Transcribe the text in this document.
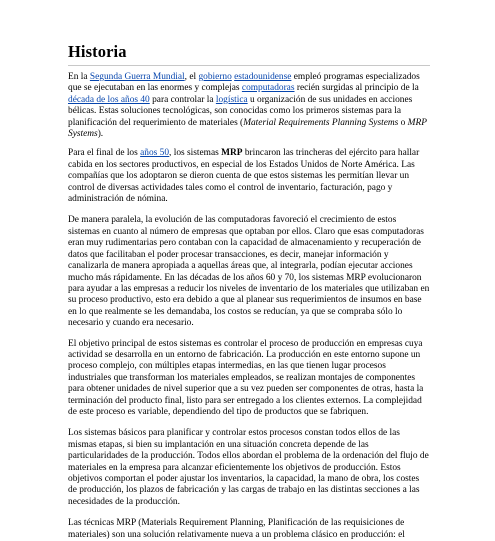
Historia

En la Segunda Guerra Mundial, el gobierno estadounidense empleó programas especializados que se ejecutaban en las enormes y complejas computadoras recién surgidas al principio de la década de los años 40 para controlar la logística u organización de sus unidades en acciones bélicas. Estas soluciones tecnológicas, son conocidas como los primeros sistemas para la planificación del requerimiento de materiales (Material Requirements Planning Systems o MRP Systems).

Para el final de los años 50, los sistemas MRP brincaron las trincheras del ejército para hallar cabida en los sectores productivos, en especial de los Estados Unidos de Norte América. Las compañías que los adoptaron se dieron cuenta de que estos sistemas les permitían llevar un control de diversas actividades tales como el control de inventario, facturación, pago y administración de nómina.

De manera paralela, la evolución de las computadoras favoreció el crecimiento de estos sistemas en cuanto al número de empresas que optaban por ellos. Claro que esas computadoras eran muy rudimentarias pero contaban con la capacidad de almacenamiento y recuperación de datos que facilitaban el poder procesar transacciones, es decir, manejar información y canalizarla de manera apropiada a aquellas áreas que, al integrarla, podían ejecutar acciones mucho más rápidamente. En las décadas de los años 60 y 70, los sistemas MRP evolucionaron para ayudar a las empresas a reducir los niveles de inventario de los materiales que utilizaban en su proceso productivo, esto era debido a que al planear sus requerimientos de insumos en base en lo que realmente se les demandaba, los costos se reducían, ya que se compraba sólo lo necesario y cuando era necesario.

El objetivo principal de estos sistemas es controlar el proceso de producción en empresas cuya actividad se desarrolla en un entorno de fabricación. La producción en este entorno supone un proceso complejo, con múltiples etapas intermedias, en las que tienen lugar procesos industriales que transforman los materiales empleados, se realizan montajes de componentes para obtener unidades de nivel superior que a su vez pueden ser componentes de otras, hasta la terminación del producto final, listo para ser entregado a los clientes externos. La complejidad de este proceso es variable, dependiendo del tipo de productos que se fabriquen.

Los sistemas básicos para planificar y controlar estos procesos constan todos ellos de las mismas etapas, si bien su implantación en una situación concreta depende de las particularidades de la producción. Todos ellos abordan el problema de la ordenación del flujo de materiales en la empresa para alcanzar eficientemente los objetivos de producción. Estos objetivos comportan el poder ajustar los inventarios, la capacidad, la mano de obra, los costes de producción, los plazos de fabricación y las cargas de trabajo en las distintas secciones a las necesidades de la producción.

Las técnicas MRP (Materials Requirement Planning, Planificación de las requisiciones de materiales) son una solución relativamente nueva a un problema clásico en producción: el
